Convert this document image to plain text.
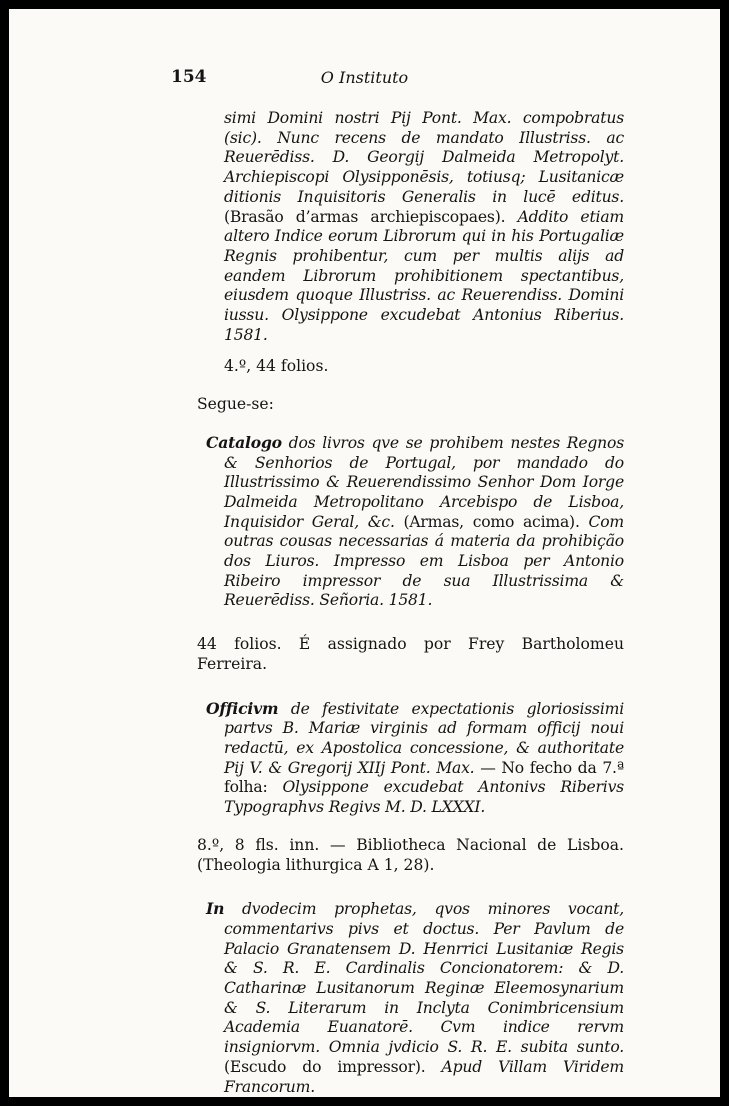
154	O Instituto

simi Domini nostri Pij Pont. Max. compobratus (sic). Nunc recens de mandato Illustriss. ac Reuerēdiss. D. Georgij Dalmeida Metropolyt. Archiepiscopi Olysipponēsis, totiusq; Lusitanicæ ditionis Inquisitoris Generalis in lucē editus. (Brasão d’armas archiepiscopaes). Addito etiam altero Indice eorum Librorum qui in his Portugaliæ Regnis prohibentur, cum per multis alijs ad eandem Librorum prohibitionem spectantibus, eiusdem quoque Illustriss. ac Reuerendiss. Domini iussu. Olysippone excudebat Antonius Riberius. 1581.

4.º, 44 folios.

Segue-se:

Catalogo dos livros qve se prohibem nestes Regnos & Senhorios de Portugal, por mandado do Illustrissimo & Reuerendissimo Senhor Dom Iorge Dalmeida Metropolitano Arcebispo de Lisboa, Inquisidor Geral, &c. (Armas, como acima). Com outras cousas necessarias á materia da prohibição dos Liuros. Impresso em Lisboa per Antonio Ribeiro impressor de sua Illustrissima & Reuerēdiss. Señoria. 1581.

44 folios. É assignado por Frey Bartholomeu Ferreira.

Officivm de festivitate expectationis gloriosissimi partvs B. Mariæ virginis ad formam officij noui redactū, ex Apostolica concessione, & authoritate Pij V. & Gregorij XIIj Pont. Max. — No fecho da 7.ª folha: Olysippone excudebat Antonivs Riberivs Typographvs Regivs M. D. LXXXI.

8.º, 8 fls. inn. — Bibliotheca Nacional de Lisboa. (Theologia lithurgica A 1, 28).

In dvodecim prophetas, qvos minores vocant, commentarivs pivs et doctus. Per Pavlum de Palacio Granatensem D. Henrrici Lusitaniæ Regis & S. R. E. Cardinalis Concionatorem: & D. Catharinæ Lusitanorum Reginæ Eleemosynarium & S. Literarum in Inclyta Conimbricensium Academia Euanatorē. Cvm indice rervm insigniorvm. Omnia jvdicio S. R. E. subita sunto. (Escudo do impressor). Apud Villam Viridem Francorum.
